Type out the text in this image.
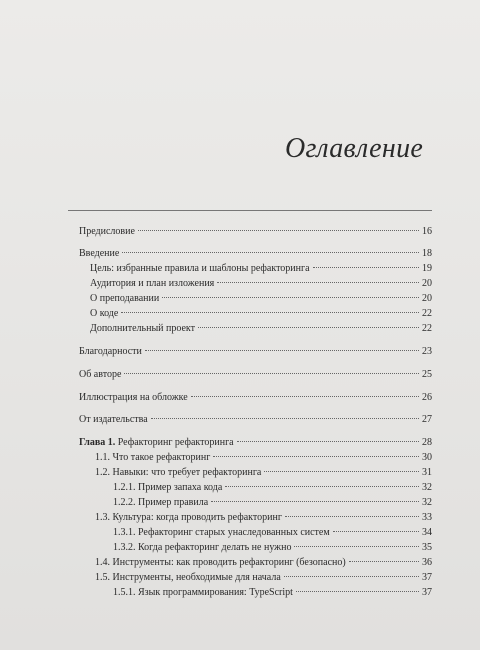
Оглавление
Предисловие	16
Введение	18
Цель: избранные правила и шаблоны рефакторинга	19
Аудитория и план изложения	20
О преподавании	20
О коде	22
Дополнительный проект	22
Благодарности	23
Об авторе	25
Иллюстрация на обложке	26
От издательства	27
Глава 1. Рефакторинг рефакторинга	28
1.1. Что такое рефакторинг	30
1.2. Навыки: что требует рефакторинга	31
1.2.1. Пример запаха кода	32
1.2.2. Пример правила	32
1.3. Культура: когда проводить рефакторинг	33
1.3.1. Рефакторинг старых унаследованных систем	34
1.3.2. Когда рефакторинг делать не нужно	35
1.4. Инструменты: как проводить рефакторинг (безопасно)	36
1.5. Инструменты, необходимые для начала	37
1.5.1. Язык программирования: TypeScript	37
